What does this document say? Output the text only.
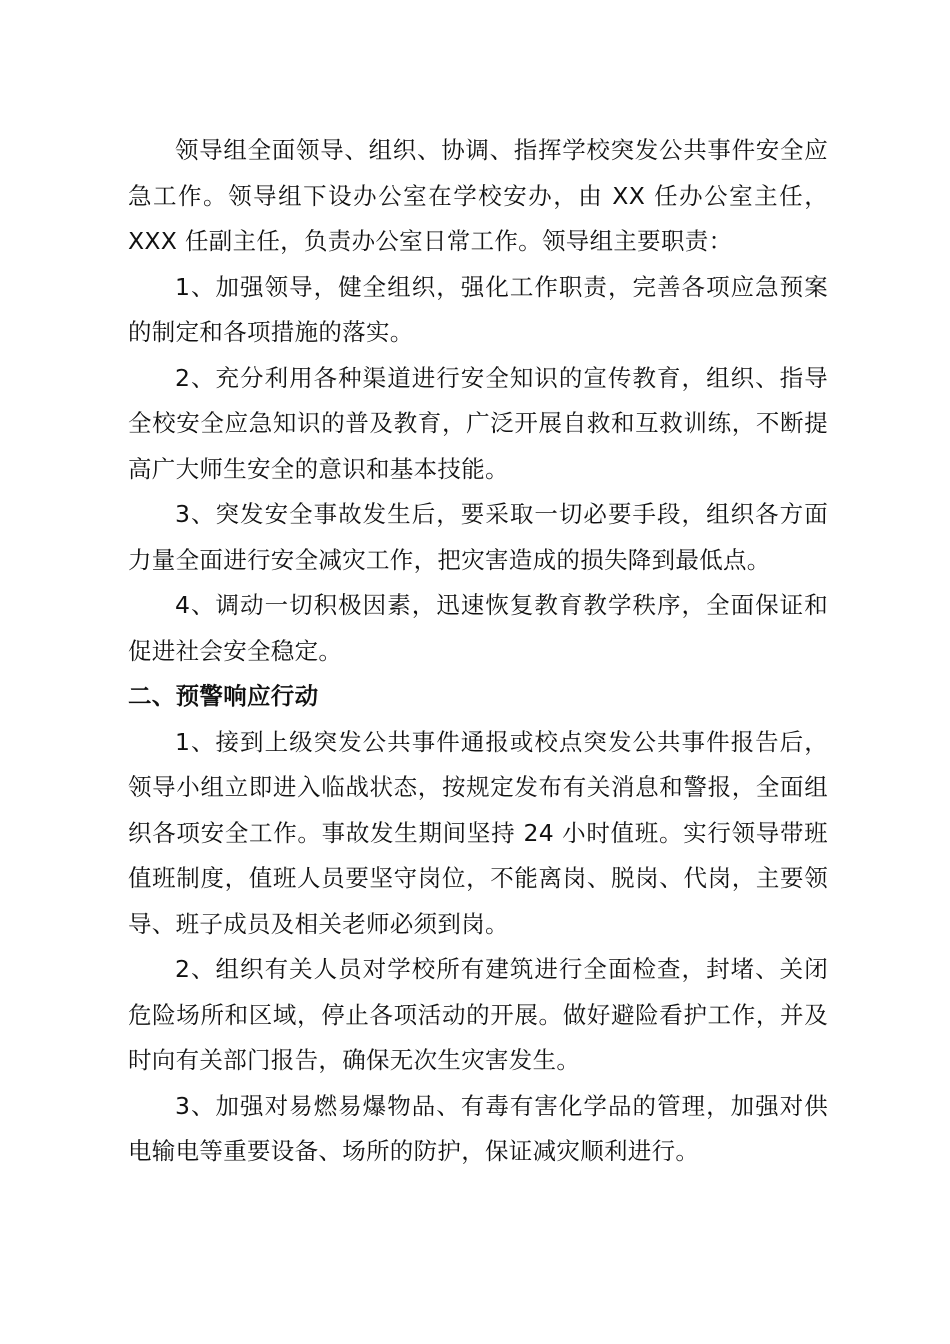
领导组全面领导、组织、协调、指挥学校突发公共事件安全应急工作。领导组下设办公室在学校安办，由 XX 任办公室主任，XXX 任副主任，负责办公室日常工作。领导组主要职责：

1、加强领导，健全组织，强化工作职责，完善各项应急预案的制定和各项措施的落实。

2、充分利用各种渠道进行安全知识的宣传教育，组织、指导全校安全应急知识的普及教育，广泛开展自救和互救训练，不断提高广大师生安全的意识和基本技能。

3、突发安全事故发生后，要采取一切必要手段，组织各方面力量全面进行安全减灾工作，把灾害造成的损失降到最低点。

4、调动一切积极因素，迅速恢复教育教学秩序，全面保证和促进社会安全稳定。

二、预警响应行动

1、接到上级突发公共事件通报或校点突发公共事件报告后，领导小组立即进入临战状态，按规定发布有关消息和警报，全面组织各项安全工作。事故发生期间坚持 24 小时值班。实行领导带班值班制度，值班人员要坚守岗位，不能离岗、脱岗、代岗，主要领导、班子成员及相关老师必须到岗。

2、组织有关人员对学校所有建筑进行全面检查，封堵、关闭危险场所和区域，停止各项活动的开展。做好避险看护工作，并及时向有关部门报告，确保无次生灾害发生。

3、加强对易燃易爆物品、有毒有害化学品的管理，加强对供电输电等重要设备、场所的防护，保证减灾顺利进行。
